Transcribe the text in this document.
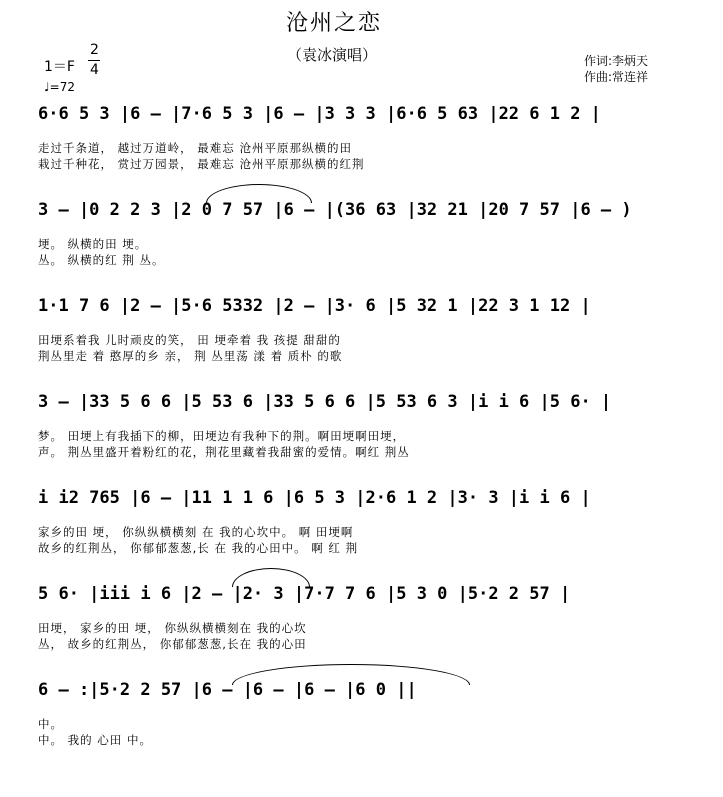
沧州之恋
（袁冰演唱）	作词:李炳天
作曲:常连祥
1＝F
2
4
♩=72
6·6 5 3 |6 – |7·6 5 3 |6 – |3 3 3 |6·6 5 63 |22 6 1 2 |
走过千条道， 越过万道岭， 最难忘 沧州平原那纵横的田
栽过千种花， 赏过万园景， 最难忘 沧州平原那纵横的红荆
3 – |0 2 2 3 |2 0 7 57 |6 – |(36 63 |32 21 |20 7 57 |6 – )
埂。 纵横的田 埂。
丛。 纵横的红 荆 丛。
1·1 7 6 |2 – |5·6 5332 |2 – |3· 6 |5 32 1 |22 3 1 12 |
田埂系着我 儿时顽皮的笑， 田 埂牵着 我 孩提 甜甜的
荆丛里走 着 憨厚的乡 亲， 荆 丛里荡 漾 着 质朴 的歌
3 – |33 5 6 6 |5 53 6 |33 5 6 6 |5 53 6 3 |i i 6 |5 6· |
梦。 田埂上有我插下的柳，田埂边有我种下的荆。啊田埂啊田埂，
声。 荆丛里盛开着粉红的花，荆花里藏着我甜蜜的爱情。啊红 荆丛
i i2 765 |6 – |11 1 1 6 |6 5 3 |2·6 1 2 |3· 3 |i i 6 |
家乡的田 埂， 你纵纵横横刻 在 我的心坎中。 啊 田埂啊
故乡的红荆丛， 你郁郁葱葱,长 在 我的心田中。 啊 红 荆
5 6· |iii i 6 |2 – |2· 3 |7·7 7 6 |5 3 0 |5·2 2 57 |
田埂， 家乡的田 埂， 你纵纵横横刻在 我的心坎
丛， 故乡的红荆丛， 你郁郁葱葱,长在 我的心田
6 – :|5·2 2 57 |6 – |6 – |6 – |6 0 ||
中。
中。 我的 心田 中。
